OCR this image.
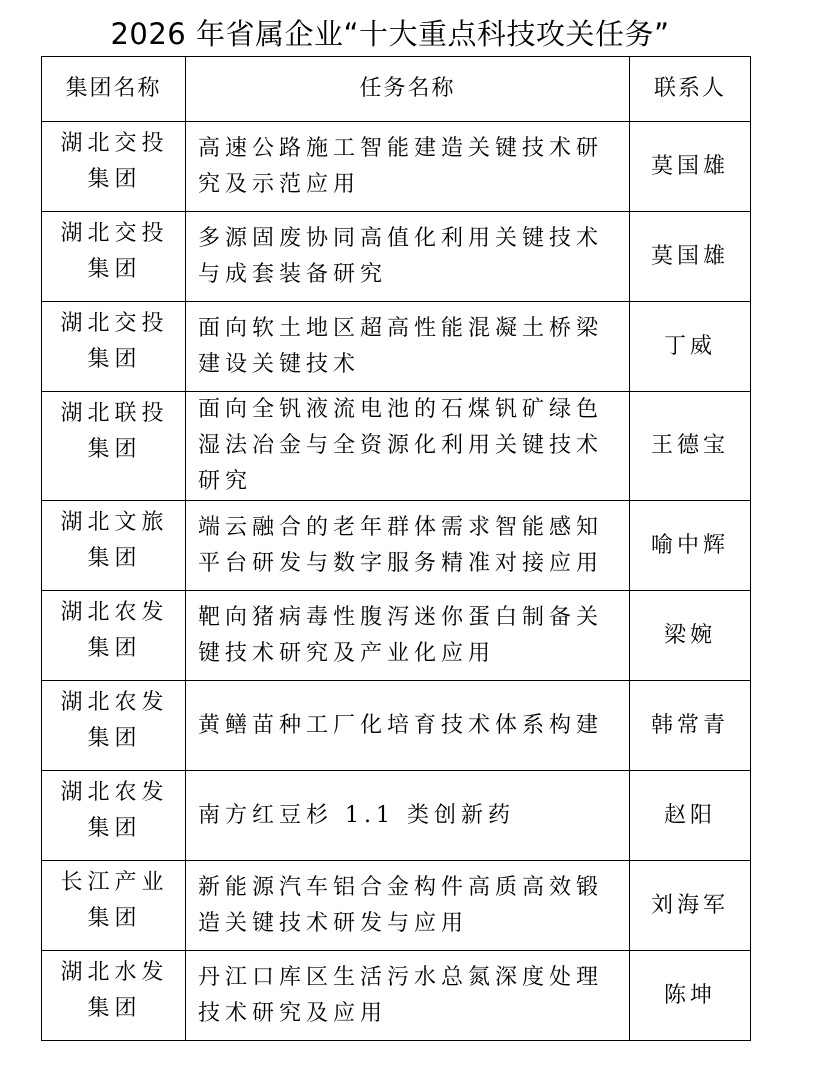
2026 年省属企业“十大重点科技攻关任务”
集团名称	任务名称	联系人

湖北交投集团	高速公路施工智能建造关键技术研究及示范应用	莫国雄

湖北交投集团	多源固废协同高值化利用关键技术与成套装备研究	莫国雄

湖北交投集团	面向软土地区超高性能混凝土桥梁建设关键技术	丁威

湖北联投集团	面向全钒液流电池的石煤钒矿绿色湿法冶金与全资源化利用关键技术研究	王德宝

湖北文旅集团	端云融合的老年群体需求智能感知平台研发与数字服务精准对接应用	喻中辉

湖北农发集团	靶向猪病毒性腹泻迷你蛋白制备关键技术研究及产业化应用	梁婉

湖北农发集团	黄鳝苗种工厂化培育技术体系构建	韩常青

湖北农发集团	南方红豆杉 1.1 类创新药	赵阳

长江产业集团	新能源汽车铝合金构件高质高效锻造关键技术研发与应用	刘海军

湖北水发集团	丹江口库区生活污水总氮深度处理技术研究及应用	陈坤
